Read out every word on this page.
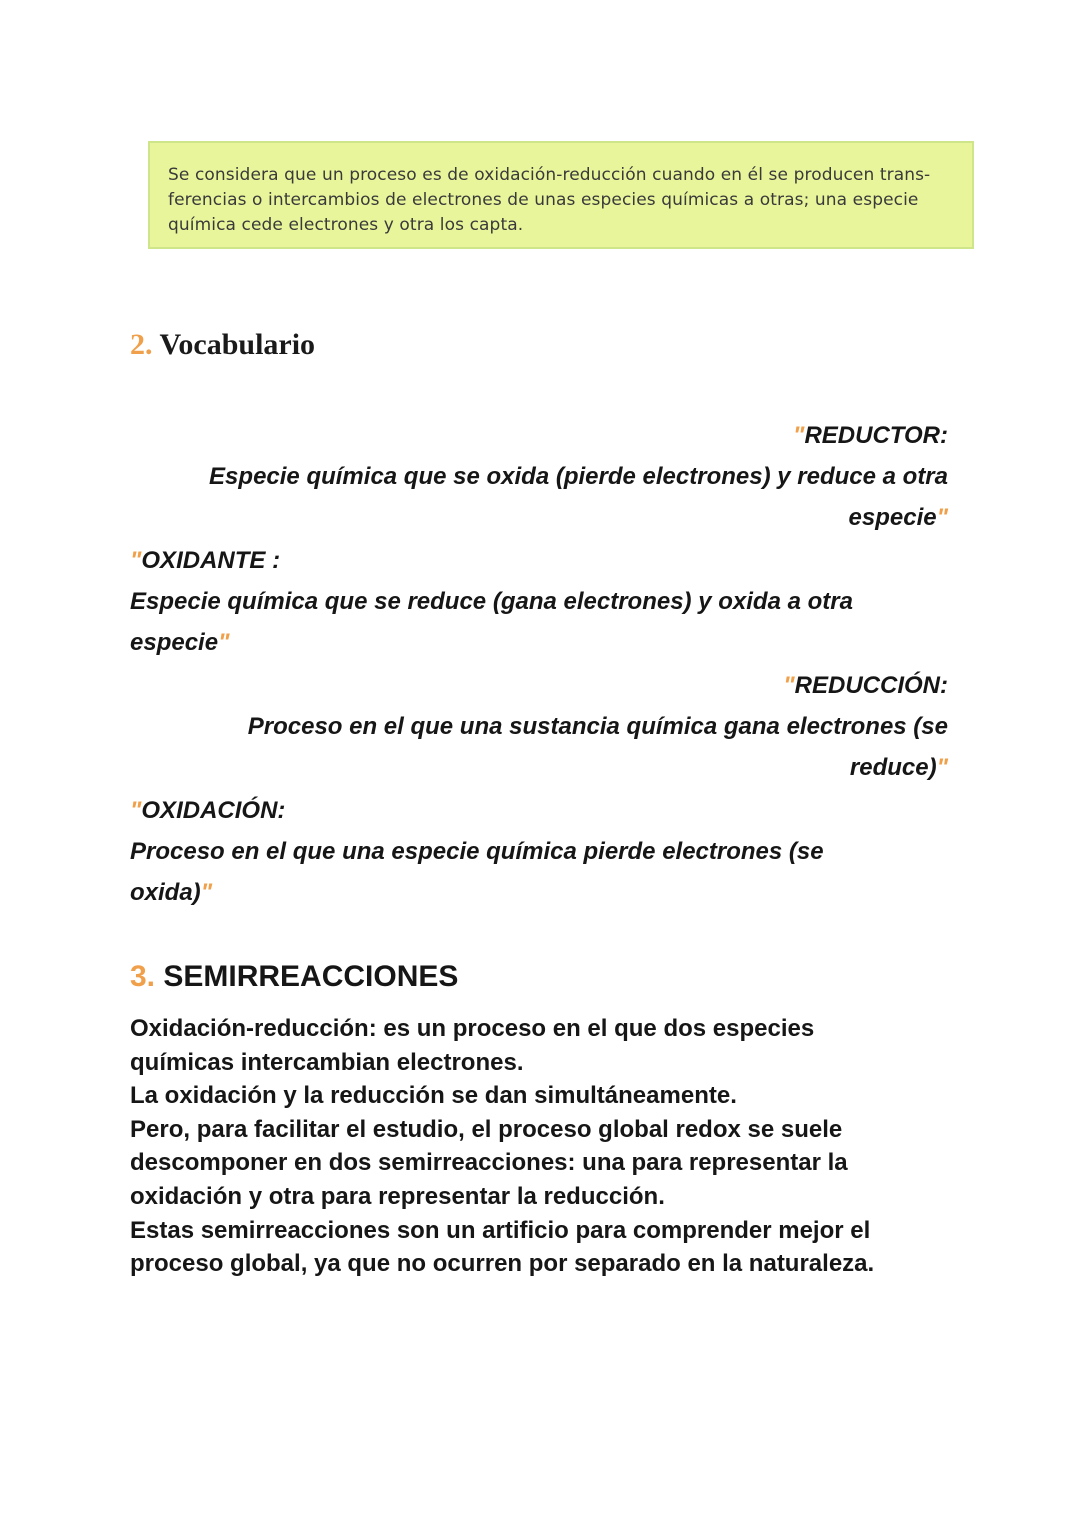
Se considera que un proceso es de oxidación-reducción cuando en él se producen trans-
ferencias o intercambios de electrones de unas especies químicas a otras; una especie
química cede electrones y otra los capta.
2. Vocabulario
"REDUCTOR:
Especie química que se oxida (pierde electrones) y reduce a otra
especie"
"OXIDANTE :
Especie química que se reduce (gana electrones) y oxida a otra
especie"
"REDUCCIÓN:
Proceso en el que una sustancia química gana electrones (se
reduce)"
"OXIDACIÓN:
Proceso en el que una especie química pierde electrones (se
oxida)"
3. SEMIRREACCIONES
Oxidación-reducción: es un proceso en el que dos especies
químicas intercambian electrones.
La oxidación y la reducción se dan simultáneamente.
Pero, para facilitar el estudio, el proceso global redox se suele
descomponer en dos semirreacciones: una para representar la
oxidación y otra para representar la reducción.
Estas semirreacciones son un artificio para comprender mejor el
proceso global, ya que no ocurren por separado en la naturaleza.
